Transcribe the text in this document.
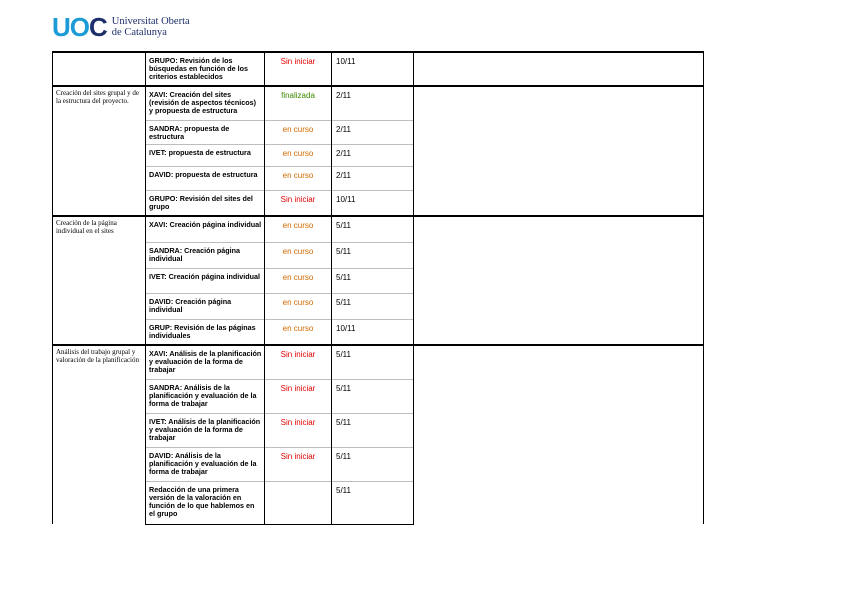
UOC Universitat Oberta
de Catalunya
	GRUPO: Revisión de los búsquedas en función de los criterios establecidos	Sin iniciar	10/11	
Creación del sites grupal y de la estructura del proyecto.	XAVI: Creación del sites (revisión de aspectos técnicos) y propuesta de estructura	finalizada	2/11	
	SANDRA: propuesta de estructura	en curso	2/11	
	IVET: propuesta de estructura	en curso	2/11	
	DAVID: propuesta de estructura	en curso	2/11	
	GRUPO: Revisión del sites del grupo	Sin iniciar	10/11	
Creación de la página individual en el sites	XAVI: Creación página individual	en curso	5/11	
	SANDRA: Creación página individual	en curso	5/11	
	IVET: Creación página individual	en curso	5/11	
	DAVID: Creación página individual	en curso	5/11	
	GRUP: Revisión de las páginas individuales	en curso	10/11	
Análisis del trabajo grupal y valoración de la planificación	XAVI: Análisis de la planificación y evaluación de la forma de trabajar	Sin iniciar	5/11	
	SANDRA: Análisis de la planificación y evaluación de la forma de trabajar	Sin iniciar	5/11	
	IVET: Análisis de la planificación y evaluación de la forma de trabajar	Sin iniciar	5/11	
	DAVID: Análisis de la planificación y evaluación de la forma de trabajar	Sin iniciar	5/11	
	Redacción de una primera versión de la valoración en función de lo que hablemos en el grupo		5/11	
